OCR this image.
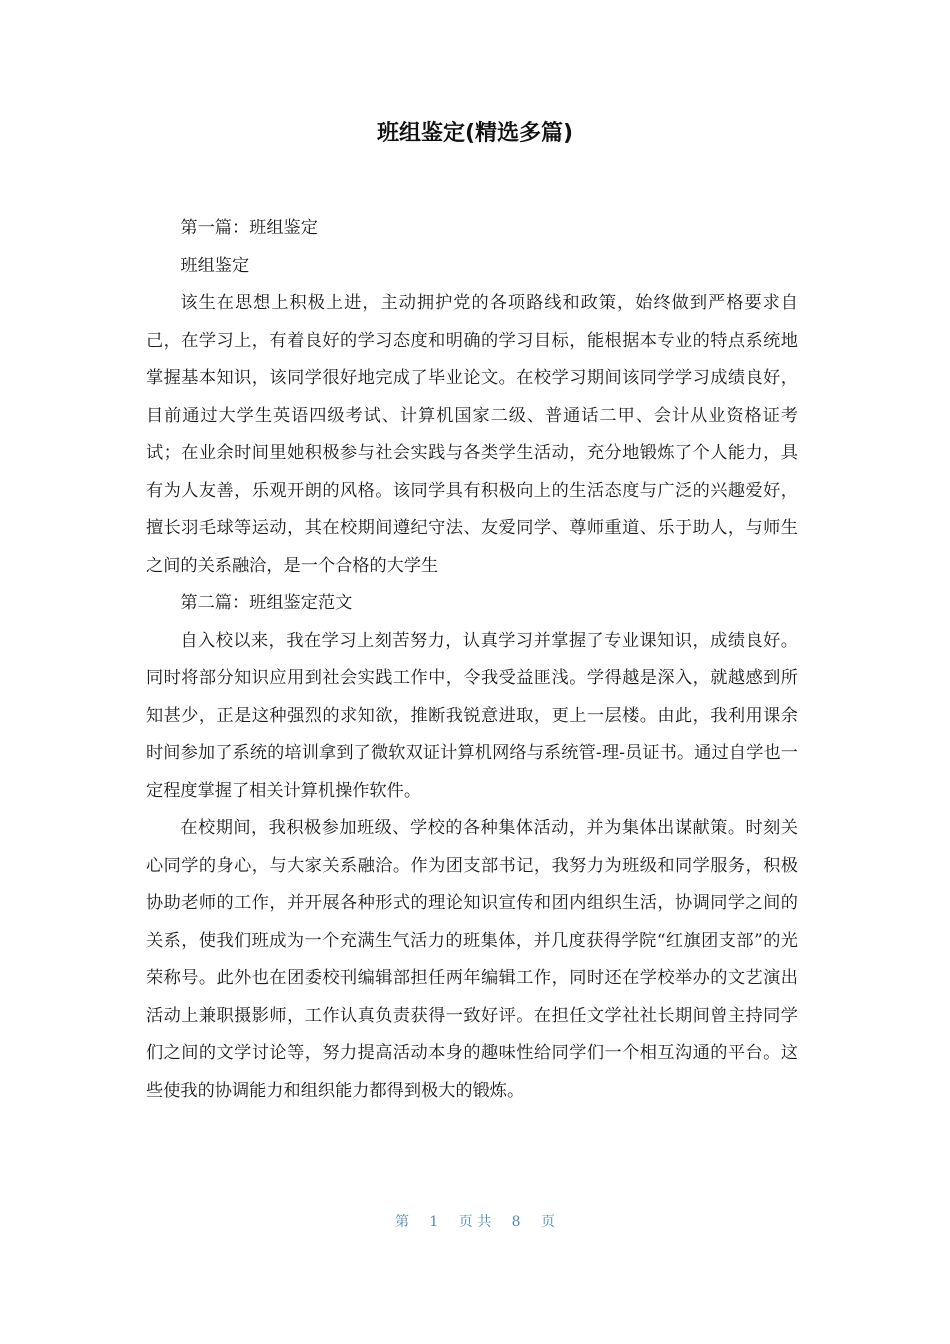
班组鉴定(精选多篇)

第一篇：班组鉴定

班组鉴定

该生在思想上积极上进，主动拥护党的各项路线和政策，始终做到严格要求自己，在学习上，有着良好的学习态度和明确的学习目标，能根据本专业的特点系统地掌握基本知识，该同学很好地完成了毕业论文。在校学习期间该同学学习成绩良好，目前通过大学生英语四级考试、计算机国家二级、普通话二甲、会计从业资格证考试；在业余时间里她积极参与社会实践与各类学生活动，充分地锻炼了个人能力，具有为人友善，乐观开朗的风格。该同学具有积极向上的生活态度与广泛的兴趣爱好，擅长羽毛球等运动，其在校期间遵纪守法、友爱同学、尊师重道、乐于助人，与师生之间的关系融洽，是一个合格的大学生

第二篇：班组鉴定范文

自入校以来，我在学习上刻苦努力，认真学习并掌握了专业课知识，成绩良好。同时将部分知识应用到社会实践工作中，令我受益匪浅。学得越是深入，就越感到所知甚少，正是这种强烈的求知欲，推断我锐意进取，更上一层楼。由此，我利用课余时间参加了系统的培训拿到了微软双证计算机网络与系统管-理-员证书。通过自学也一定程度掌握了相关计算机操作软件。

在校期间，我积极参加班级、学校的各种集体活动，并为集体出谋献策。时刻关心同学的身心，与大家关系融洽。作为团支部书记，我努力为班级和同学服务，积极协助老师的工作，并开展各种形式的理论知识宣传和团内组织生活，协调同学之间的关系，使我们班成为一个充满生气活力的班集体，并几度获得学院“红旗团支部”的光荣称号。此外也在团委校刊编辑部担任两年编辑工作，同时还在学校举办的文艺演出活动上兼职摄影师，工作认真负责获得一致好评。在担任文学社社长期间曾主持同学们之间的文学讨论等，努力提高活动本身的趣味性给同学们一个相互沟通的平台。这些使我的协调能力和组织能力都得到极大的锻炼。

第 1 页 共 8 页
